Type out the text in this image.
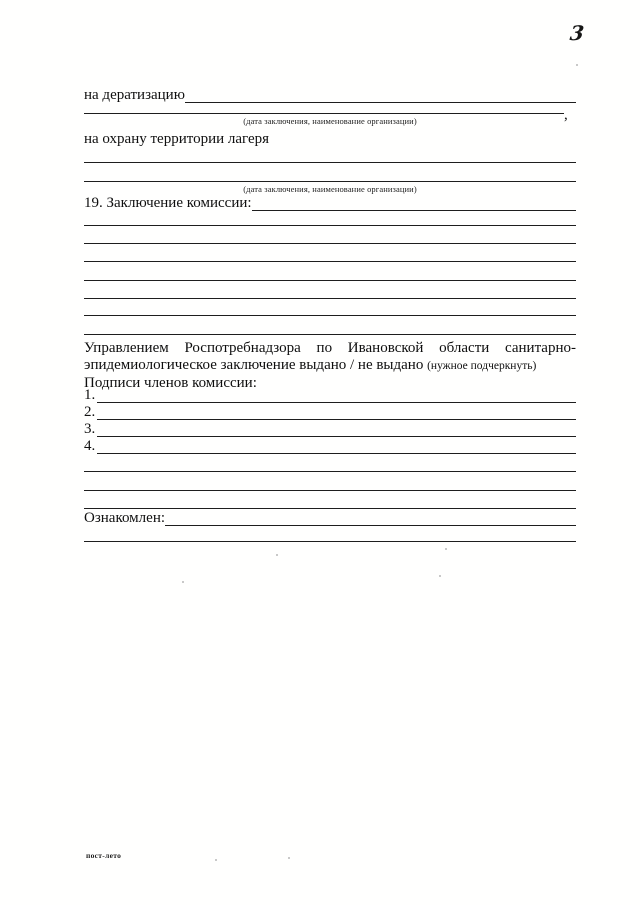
3
на дератизацию
,
(дата заключения, наименование организации)
на охрану территории лагеря
(дата заключения, наименование организации)
19. Заключение комиссии:
Управлением Роспотребнадзора по Ивановской области санитарно-
эпидемиологическое заключение выдано / не выдано (нужное подчеркнуть)
Подписи членов комиссии:
1.
2.
3.
4.
Ознакомлен:
пост-лето
